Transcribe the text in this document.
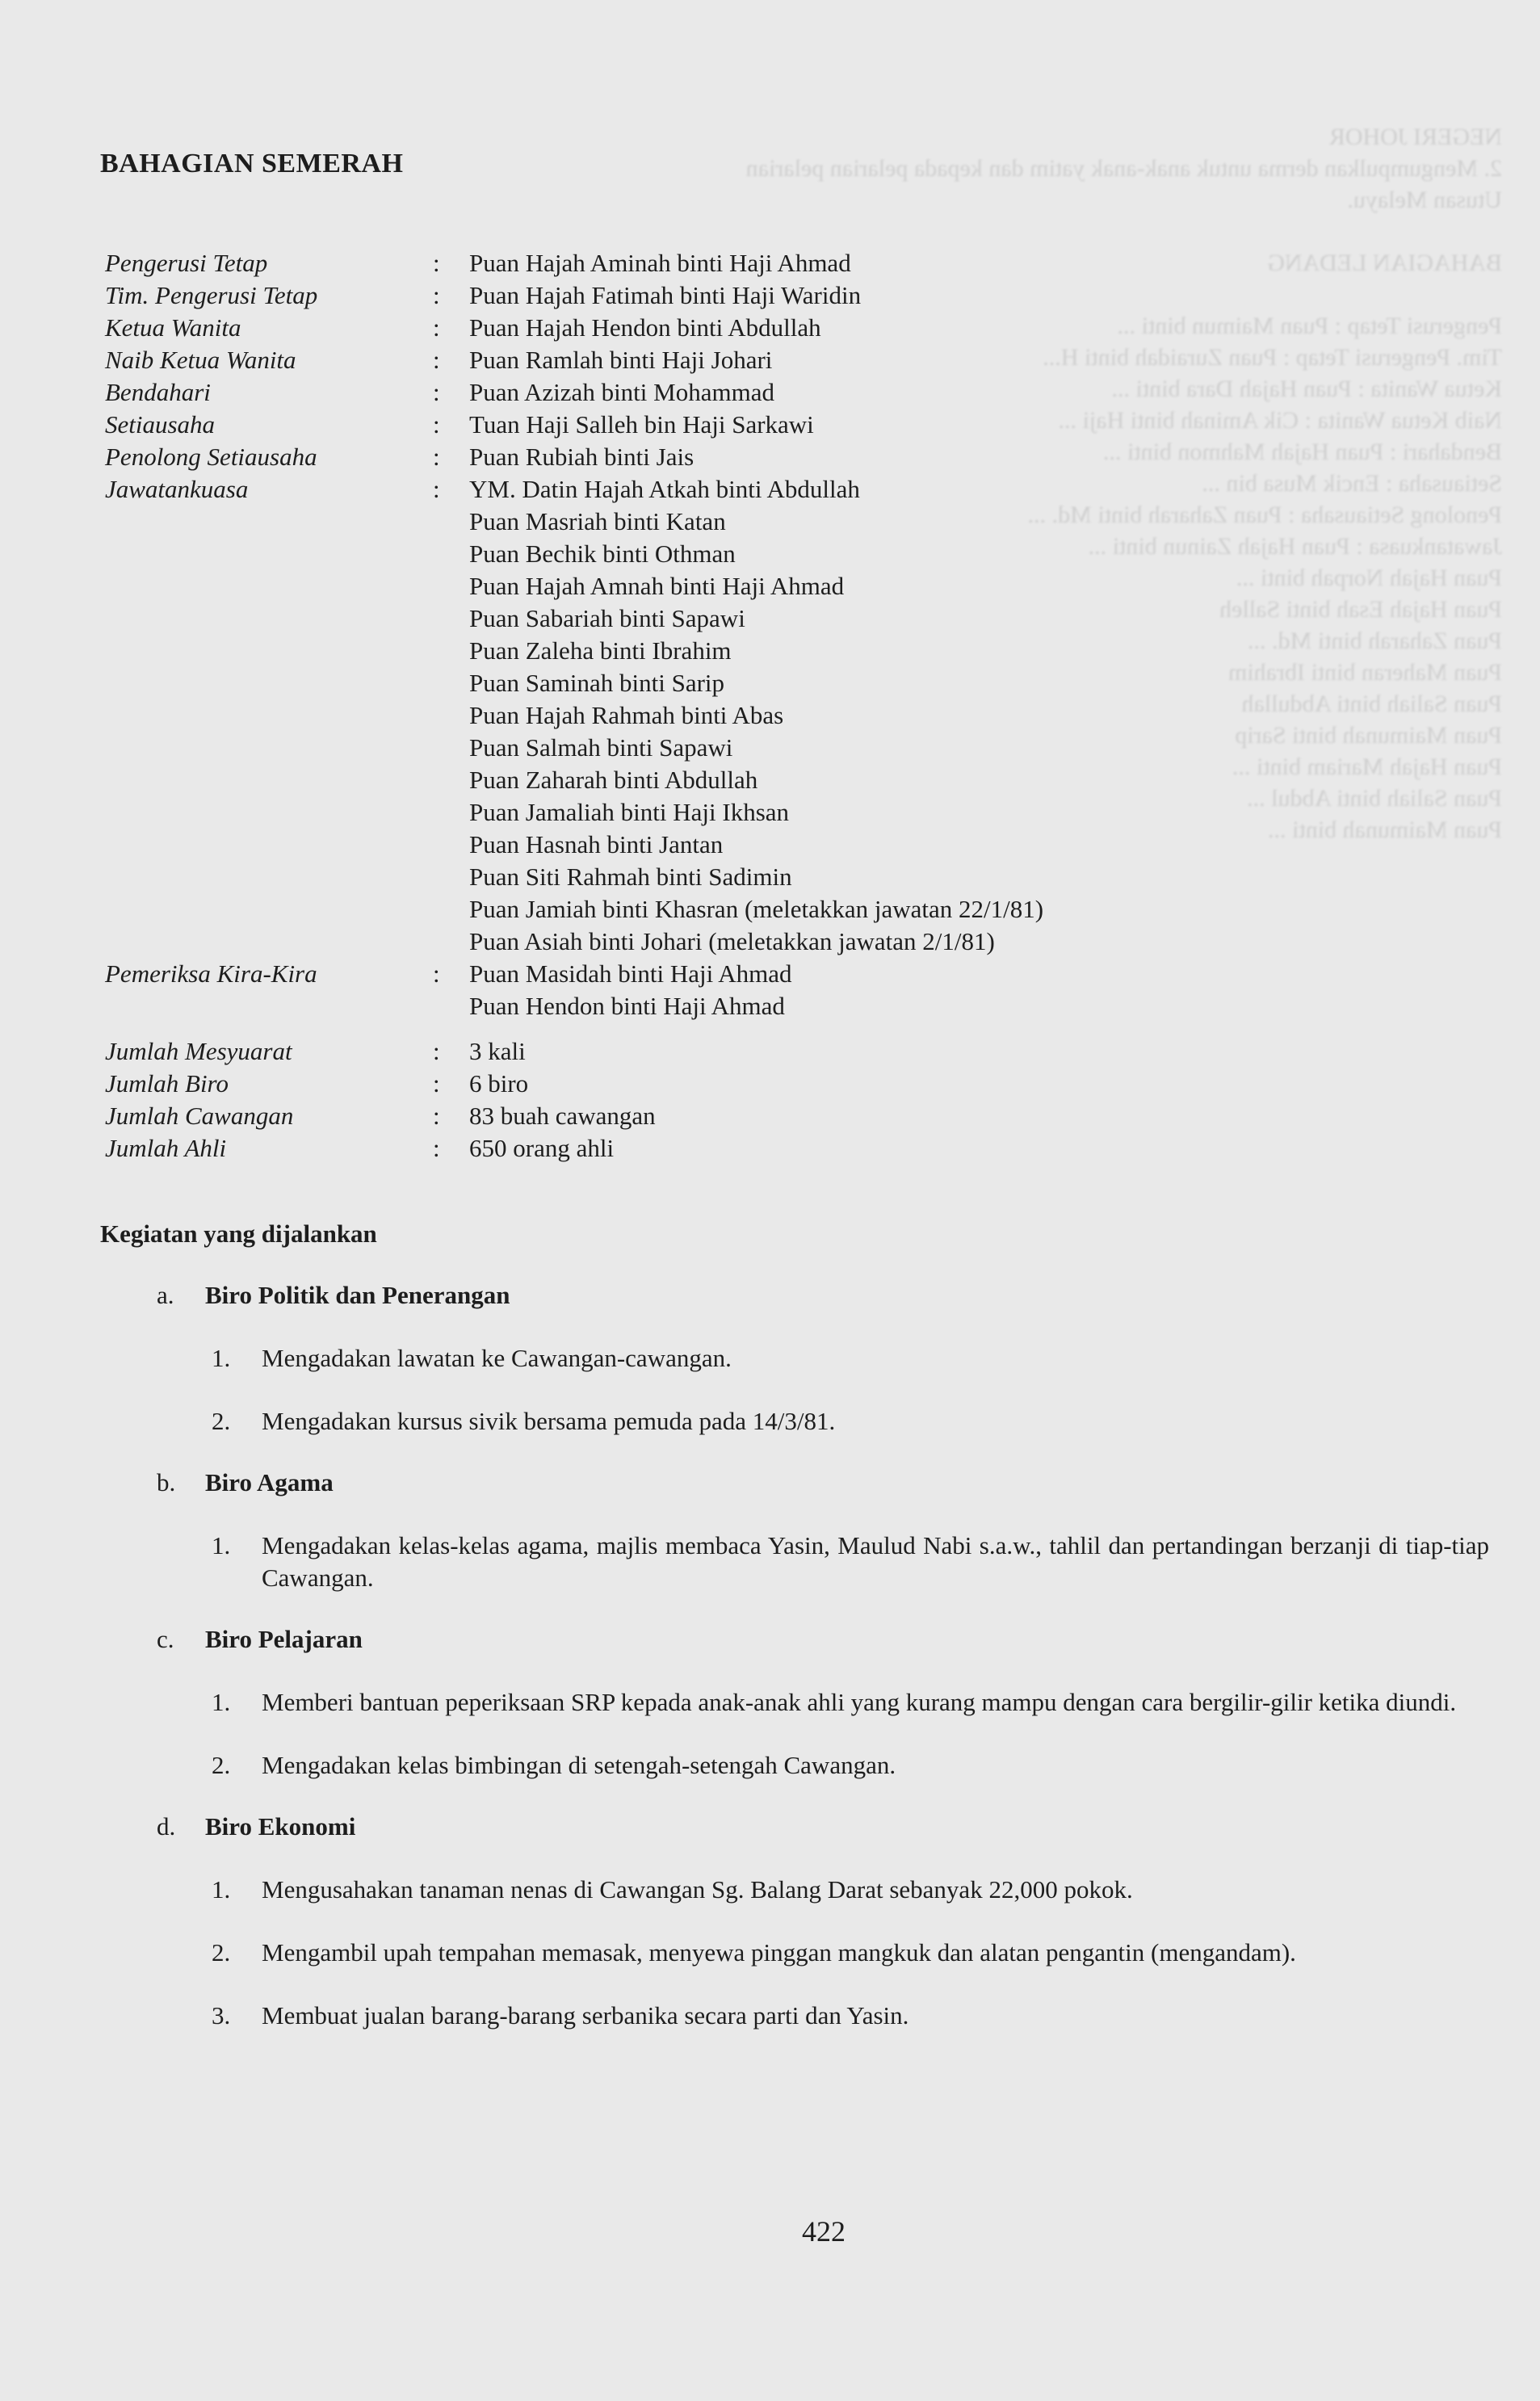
NEGERI JOHOR
2. Mengumpulkan derma untuk anak-anak yatim dan kepada pelarian pelarian
Utusan Melayu.

BAHAGIAN LEDANG

Pengerusi Tetap : Puan Maimun binti ...
Tim. Pengerusi Tetap : Puan Zuraidah binti H...
Ketua Wanita : Puan Hajah Dara binti ...
Naib Ketua Wanita : Cik Aminah binti Haji ...
Bendahari : Puan Hajah Mahmon binti ...
Setiausaha : Encik Musa bin ...
Penolong Setiausaha : Puan Zaharah binti Md. ...
Jawatankuasa : Puan Hajah Zainun binti ...
Puan Hajah Norpah binti ...
Puan Hajah Esah binti Salleh
Puan Zaharah binti Md. ...
Puan Maheran binti Ibrahim
Puan Saliah binti Abdullah
Puan Maimunah binti Sarip
Puan Hajah Mariam binti ...
Puan Saliah binti Abdul ...
Puan Maimunah binti ...
BAHAGIAN SEMERAH
Pengerusi Tetap	:	Puan Hajah Aminah binti Haji Ahmad
Tim. Pengerusi Tetap	:	Puan Hajah Fatimah binti Haji Waridin
Ketua Wanita	:	Puan Hajah Hendon binti Abdullah
Naib Ketua Wanita	:	Puan Ramlah binti Haji Johari
Bendahari	:	Puan Azizah binti Mohammad
Setiausaha	:	Tuan Haji Salleh bin Haji Sarkawi
Penolong Setiausaha	:	Puan Rubiah binti Jais
Jawatankuasa	:	YM. Datin Hajah Atkah binti Abdullah
Puan Masriah binti Katan
Puan Bechik binti Othman
Puan Hajah Amnah binti Haji Ahmad
Puan Sabariah binti Sapawi
Puan Zaleha binti Ibrahim
Puan Saminah binti Sarip
Puan Hajah Rahmah binti Abas
Puan Salmah binti Sapawi
Puan Zaharah binti Abdullah
Puan Jamaliah binti Haji Ikhsan
Puan Hasnah binti Jantan
Puan Siti Rahmah binti Sadimin
Puan Jamiah binti Khasran (meletakkan jawatan 22/1/81)
Puan Asiah binti Johari (meletakkan jawatan 2/1/81)
Pemeriksa Kira-Kira	:	Puan Masidah binti Haji Ahmad
Puan Hendon binti Haji Ahmad
Jumlah Mesyuarat	:	3 kali
Jumlah Biro	:	6 biro
Jumlah Cawangan	:	83 buah cawangan
Jumlah Ahli	:	650 orang ahli
Kegiatan yang dijalankan
a. Biro Politik dan Penerangan
1. Mengadakan lawatan ke Cawangan-cawangan.
2. Mengadakan kursus sivik bersama pemuda pada 14/3/81.
b. Biro Agama
1. Mengadakan kelas-kelas agama, majlis membaca Yasin, Maulud Nabi s.a.w., tahlil dan pertandingan berzanji di tiap-tiap Cawangan.
c. Biro Pelajaran
1. Memberi bantuan peperiksaan SRP kepada anak-anak ahli yang kurang mampu dengan cara bergilir-gilir ketika diundi.
2. Mengadakan kelas bimbingan di setengah-setengah Cawangan.
d. Biro Ekonomi
1. Mengusahakan tanaman nenas di Cawangan Sg. Balang Darat sebanyak 22,000 pokok.
2. Mengambil upah tempahan memasak, menyewa pinggan mangkuk dan alatan pengantin (mengandam).
3. Membuat jualan barang-barang serbanika secara parti dan Yasin.
422
